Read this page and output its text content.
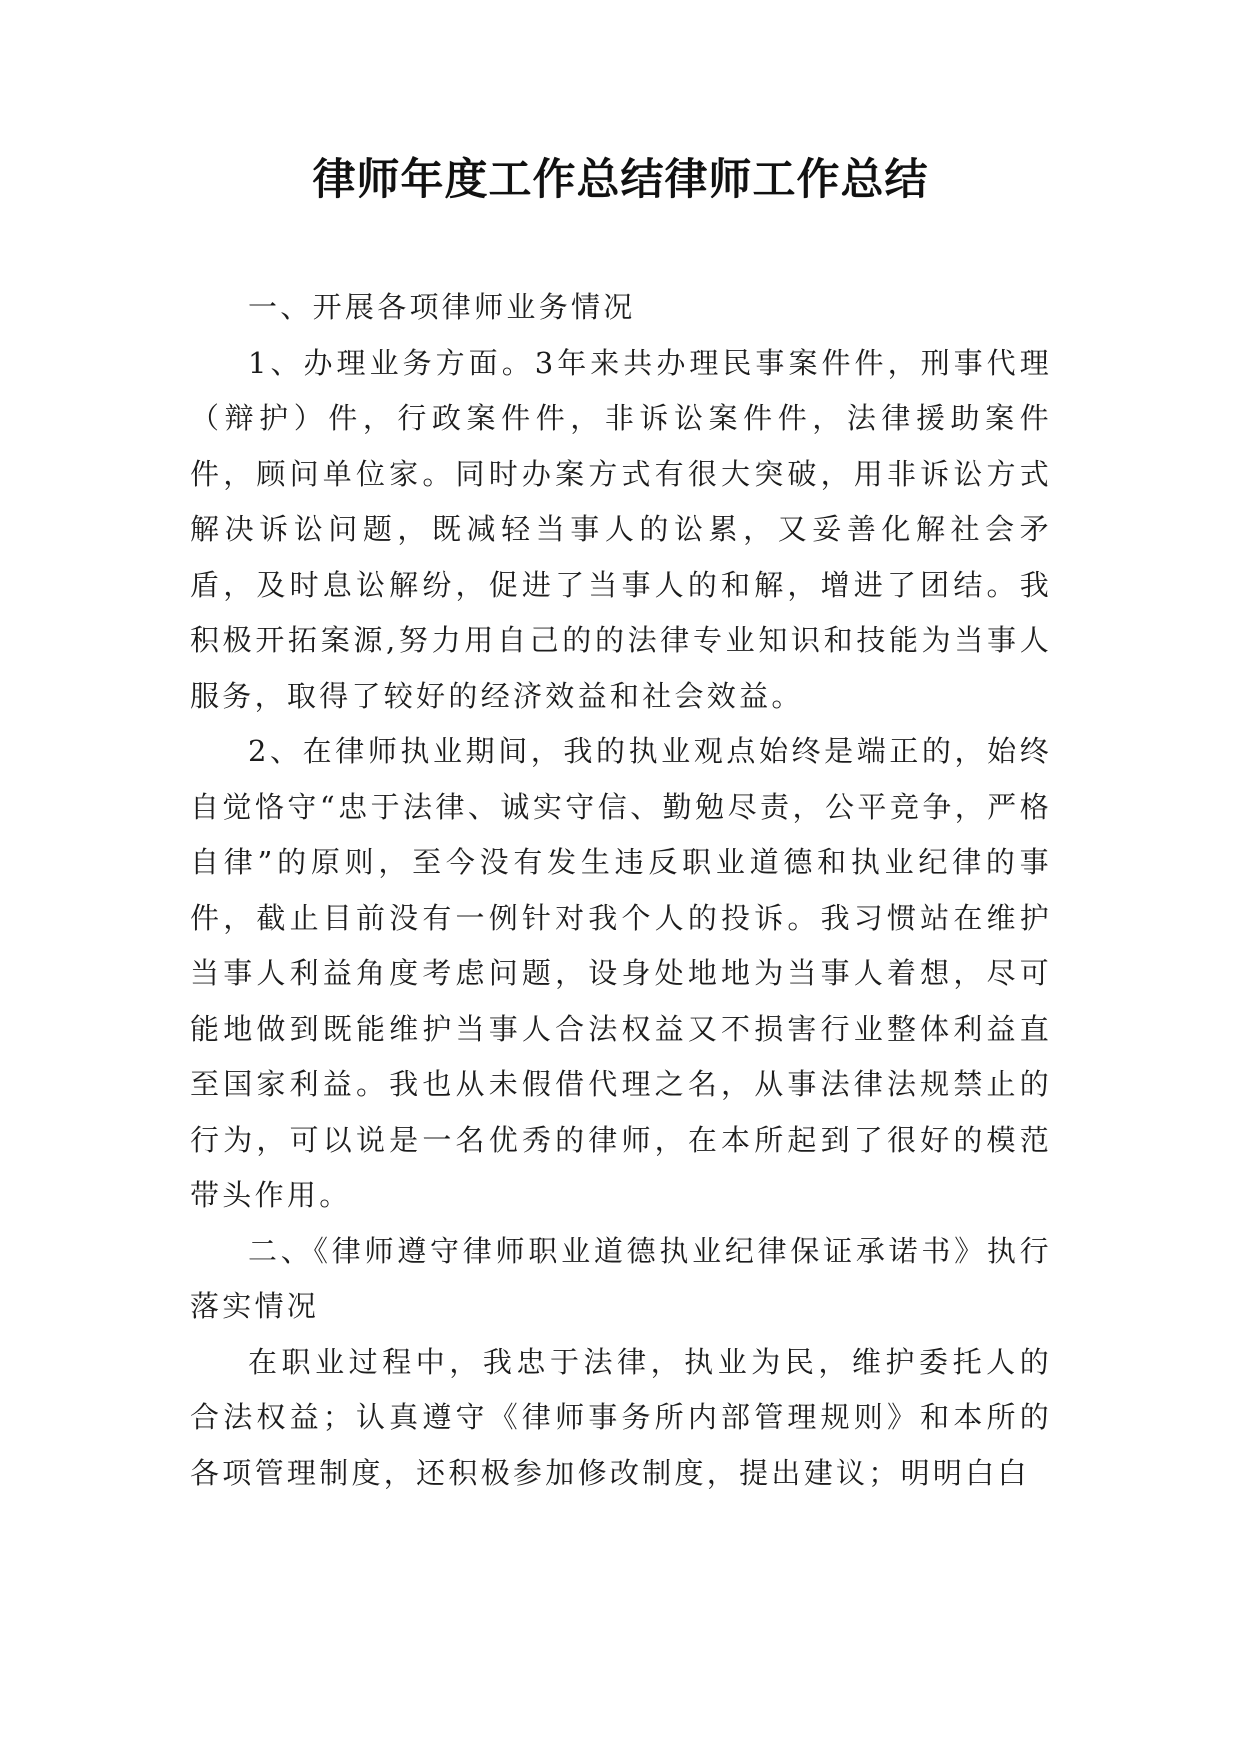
律师年度工作总结律师工作总结

一、开展各项律师业务情况

1、办理业务方面。3年来共办理民事案件件，刑事代理（辩护）件，行政案件件，非诉讼案件件，法律援助案件件，顾问单位家。同时办案方式有很大突破，用非诉讼方式解决诉讼问题，既减轻当事人的讼累，又妥善化解社会矛盾，及时息讼解纷，促进了当事人的和解，增进了团结。我积极开拓案源,努力用自己的的法律专业知识和技能为当事人服务，取得了较好的经济效益和社会效益。

2、在律师执业期间，我的执业观点始终是端正的，始终自觉恪守“忠于法律、诚实守信、勤勉尽责，公平竞争，严格自律”的原则，至今没有发生违反职业道德和执业纪律的事件，截止目前没有一例针对我个人的投诉。我习惯站在维护当事人利益角度考虑问题，设身处地地为当事人着想，尽可能地做到既能维护当事人合法权益又不损害行业整体利益直至国家利益。我也从未假借代理之名，从事法律法规禁止的行为，可以说是一名优秀的律师，在本所起到了很好的模范带头作用。

二、《律师遵守律师职业道德执业纪律保证承诺书》执行落实情况

在职业过程中，我忠于法律，执业为民，维护委托人的合法权益；认真遵守《律师事务所内部管理规则》和本所的各项管理制度，还积极参加修改制度，提出建议；明明白白
